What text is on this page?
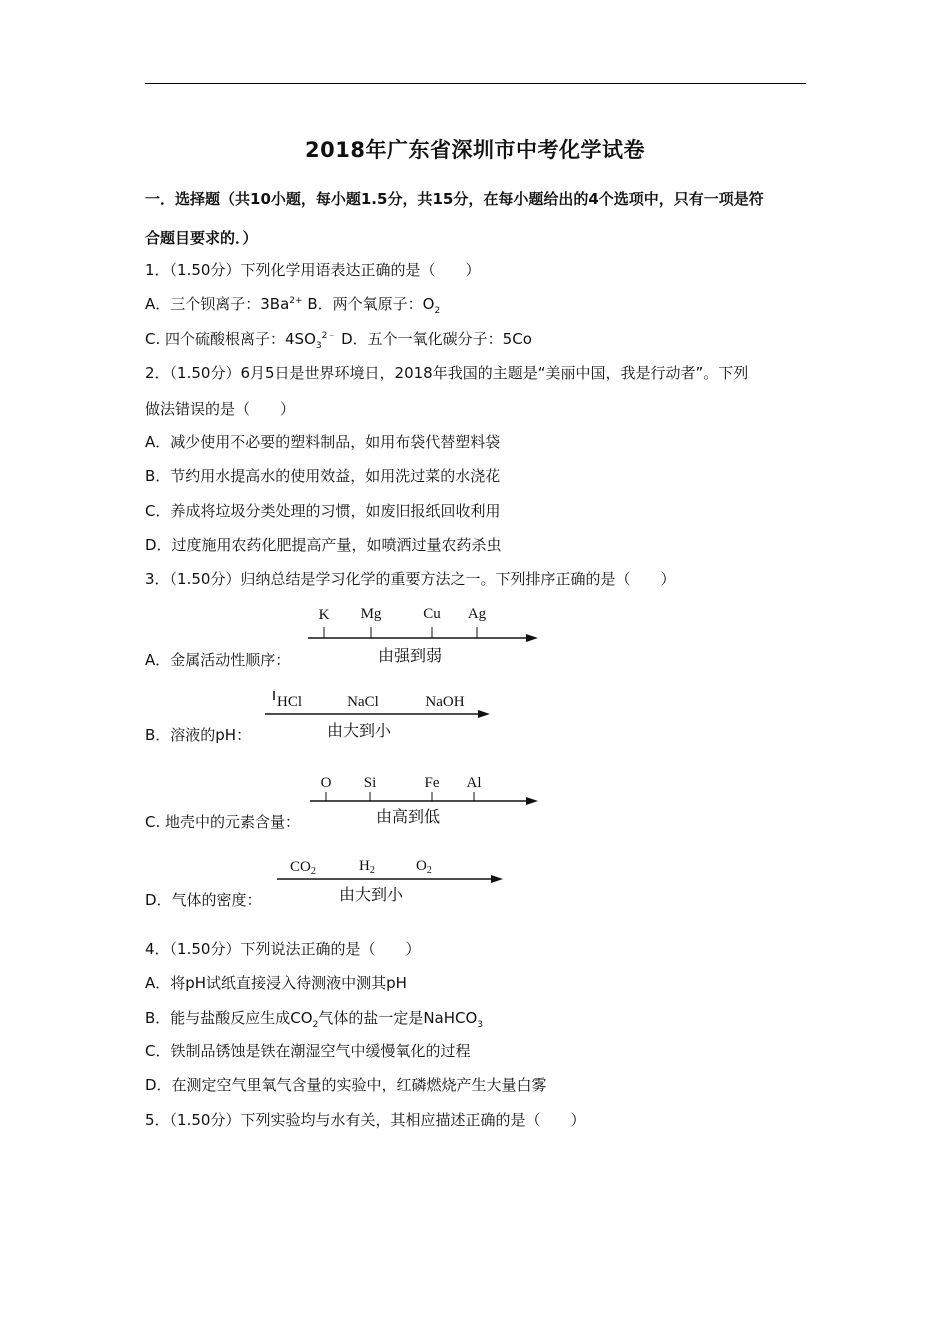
2018年广东省深圳市中考化学试卷
一．选择题（共10小题，每小题1.5分，共15分，在每小题给出的4个选项中，只有一项是符
合题目要求的．）
1．（1.50分）下列化学用语表达正确的是（　　）
A．三个钡离子：$3Ba^{2+}$ B．两个氧原子：$O_2$
C. 四个硫酸根离子：$4SO_3^{2﹣}$ D．五个一氧化碳分子：5Co
2．（1.50分）6月5日是世界环境日，2018年我国的主题是“美丽中国，我是行动者”。下列
做法错误的是（　　）
A．减少使用不必要的塑料制品，如用布袋代替塑料袋
B．节约用水提高水的使用效益，如用洗过菜的水浇花
C．养成将垃圾分类处理的习惯，如废旧报纸回收利用
D．过度施用农药化肥提高产量，如喷洒过量农药杀虫
3．（1.50分）归纳总结是学习化学的重要方法之一。下列排序正确的是（　　）
A．金属活动性顺序：
K Mg	Cu Ag
由强到弱
B．溶液的pH：
HCl	NaCl	NaOH
由大到小
C. 地壳中的元素含量：
O Si	Fe Al
由高到低
D．气体的密度：
$CO_2$	$H_2$	$O_2$
由大到小
4．（1.50分）下列说法正确的是（　　）
A．将pH试纸直接浸入待测液中测其pH
B．能与盐酸反应生成$CO_2$气体的盐一定是NaHCO$_3$
C．铁制品锈蚀是铁在潮湿空气中缓慢氧化的过程
D．在测定空气里氧气含量的实验中，红磷燃烧产生大量白雾
5．（1.50分）下列实验均与水有关，其相应描述正确的是（　　）
